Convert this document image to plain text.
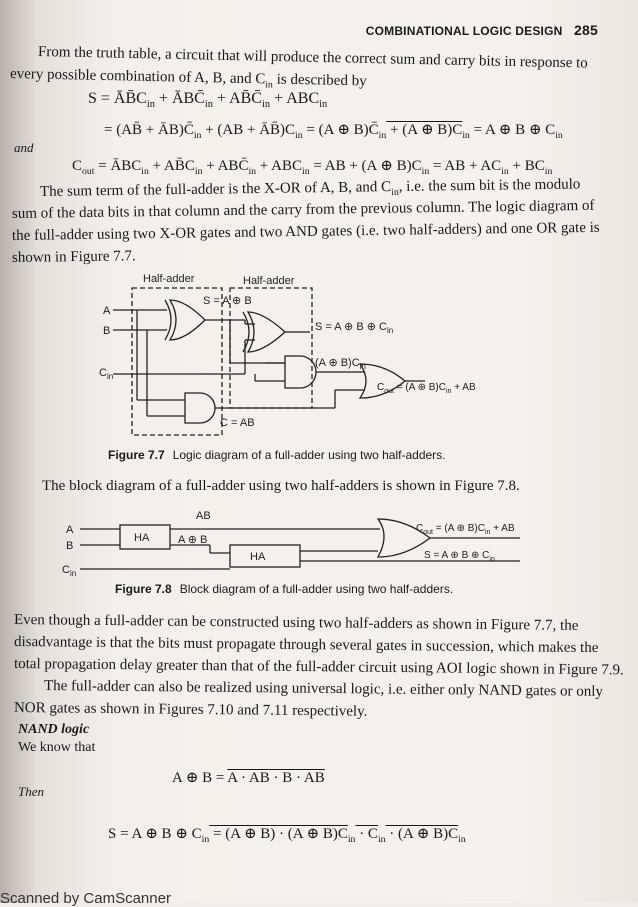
COMBINATIONAL LOGIC DESIGN 285
From the truth table, a circuit that will produce the correct sum and carry bits in response to
every possible combination of A, B, and $C_{in}$ is described by
$S = ĀB̄C_{in}$ + $ĀBC̄_{in}$ + $AB̄C̄_{in} + ABC_{in}$
= (AB̄ + $ĀB)C̄_{in} + (AB$ + $ĀB̄)C_{in} = (A$ ⊕ $B)C̄_{in} + (A$ ⊕ $B)C_{in} = A$ ⊕ B ⊕ $C_{in}$
and
$C_{out}$ = $ĀBC_{in}$ + $AB̄C_{in}$ + $ABC̄_{in} + ABC_{in}$ = AB + (A ⊕ $B)C_{in}$ = AB + $AC_{in} + BC_{in}$
The sum term of the full-adder is the X-OR of A, B, and $C_{in}$, i.e. the sum bit is the modulo
sum of the data bits in that column and the carry from the previous column. The logic diagram of
the full-adder using two X-OR gates and two AND gates (i.e. two half-adders) and one OR gate is
shown in Figure 7.7.
Half-adder	Half-adder
S = A ⊕ B
A
B
$C_{in}$
S = A ⊕ B ⊕ $C_{in}$
(A ⊕ $B)C_{in}$
$C_{out} = (A$ ⊕ $B)C_{in}$ + AB
C = AB
Figure 7.7 Logic diagram of a full-adder using two half-adders.
The block diagram of a full-adder using two half-adders is shown in Figure 7.8.
AB
A
B
$C_{in}$
HA
HA
A ⊕ B
$C_{out} = (A$ ⊕ $B)C_{in}$ + AB
S = A ⊕ B ⊕ $C_{in}$
Figure 7.8 Block diagram of a full-adder using two half-adders.
Even though a full-adder can be constructed using two half-adders as shown in Figure 7.7, the
disadvantage is that the bits must propagate through several gates in succession, which makes the
total propagation delay greater than that of the full-adder circuit using AOI logic shown in Figure 7.9.
The full-adder can also be realized using universal logic, i.e. either only NAND gates or only
NOR gates as shown in Figures 7.10 and 7.11 respectively.
NAND logic
We know that
A ⊕ B = A · AB · B · AB
Then
S = A ⊕ B ⊕ $C_{in} = (A$ ⊕ B) · (A ⊕ $B)C_{in} \cdot C_{in} \cdot (A$ ⊕ $B)C_{in}$
Scanned by CamScanner
